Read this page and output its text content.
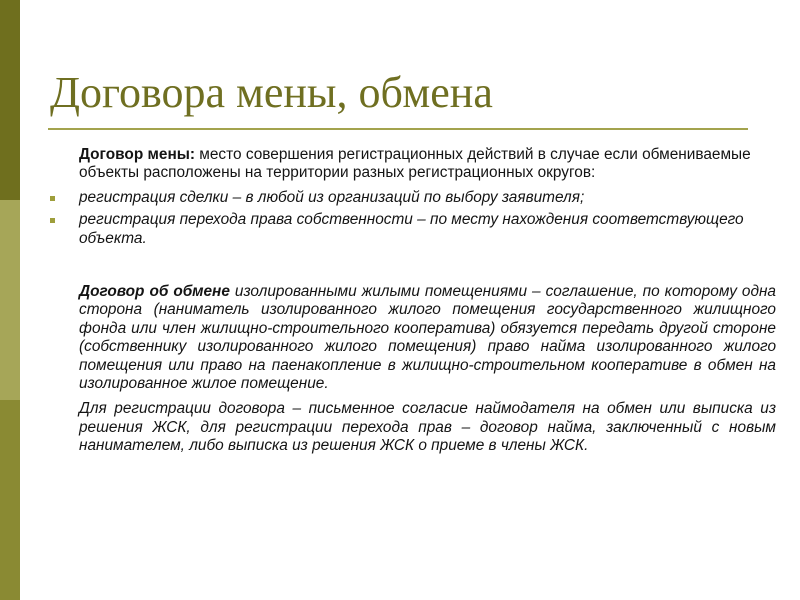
Договора мены, обмена

Договор мены: место совершения регистрационных действий в случае если обмениваемые объекты расположены на территории разных регистрационных округов:

регистрация сделки – в любой из организаций по выбору заявителя;
регистрация перехода права собственности – по месту нахождения соответствующего объекта.

Договор об обмене изолированными жилыми помещениями – соглашение, по которому одна сторона (наниматель изолированного жилого помещения государственного жилищного фонда или член жилищно-строительного кооператива) обязуется передать другой стороне (собственнику изолированного жилого помещения) право найма изолированного жилого помещения или право на паенакопление в жилищно-строительном кооперативе в обмен на изолированное жилое помещение.

Для регистрации договора – письменное согласие наймодателя на обмен или выписка из решения ЖСК, для регистрации перехода прав – договор найма, заключенный с новым нанимателем, либо выписка из решения ЖСК о приеме в члены ЖСК.
